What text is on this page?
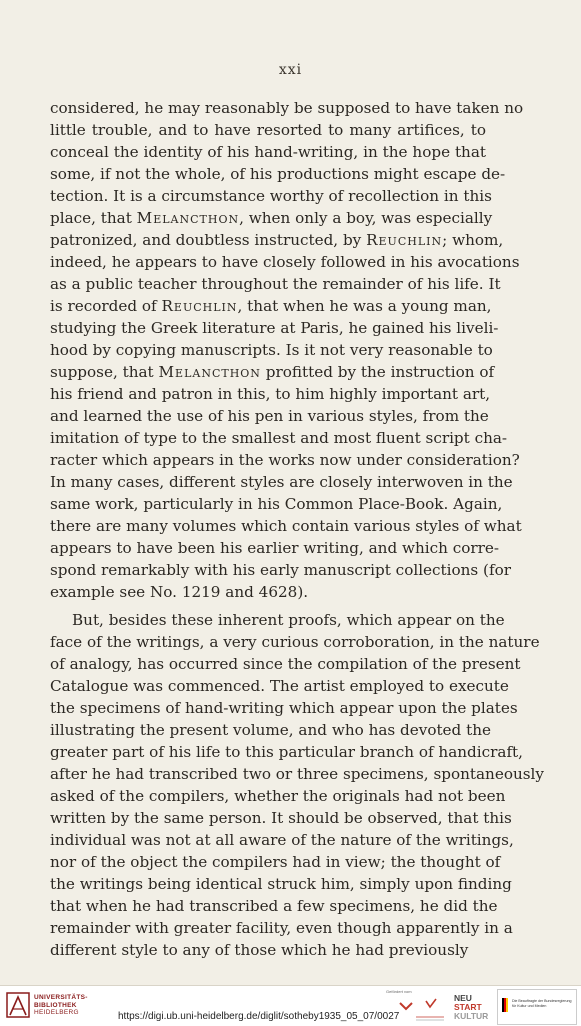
xxi
considered, he may reasonably be supposed to have taken no
little trouble, and to have resorted to many artifices, to
conceal the identity of his hand-writing, in the hope that
some, if not the whole, of his productions might escape de-
tection. It is a circumstance worthy of recollection in this
place, that Melancthon, when only a boy, was especially
patronized, and doubtless instructed, by Reuchlin; whom,
indeed, he appears to have closely followed in his avocations
as a public teacher throughout the remainder of his life. It
is recorded of Reuchlin, that when he was a young man,
studying the Greek literature at Paris, he gained his liveli-
hood by copying manuscripts. Is it not very reasonable to
suppose, that Melancthon profitted by the instruction of
his friend and patron in this, to him highly important art,
and learned the use of his pen in various styles, from the
imitation of type to the smallest and most fluent script cha-
racter which appears in the works now under consideration?
In many cases, different styles are closely interwoven in the
same work, particularly in his Common Place-Book. Again,
there are many volumes which contain various styles of what
appears to have been his earlier writing, and which corre-
spond remarkably with his early manuscript collections (for
example see No. 1219 and 4628).
But, besides these inherent proofs, which appear on the
face of the writings, a very curious corroboration, in the nature
of analogy, has occurred since the compilation of the present
Catalogue was commenced. The artist employed to execute
the specimens of hand-writing which appear upon the plates
illustrating the present volume, and who has devoted the
greater part of his life to this particular branch of handicraft,
after he had transcribed two or three specimens, spontaneously
asked of the compilers, whether the originals had not been
written by the same person. It should be observed, that this
individual was not at all aware of the nature of the writings,
nor of the object the compilers had in view; the thought of
the writings being identical struck him, simply upon finding
that when he had transcribed a few specimens, he did the
remainder with greater facility, even though apparently in a
different style to any of those which he had previously
UNIVERSITÄTS-
BIBLIOTHEK
HEIDELBERG	https://digi.ub.uni-heidelberg.de/diglit/sotheby1935_05_07/0027
Gefördert vom
NEU
START
KULTUR
Die Beauftragte der Bundesregierung
für Kultur und Medien
